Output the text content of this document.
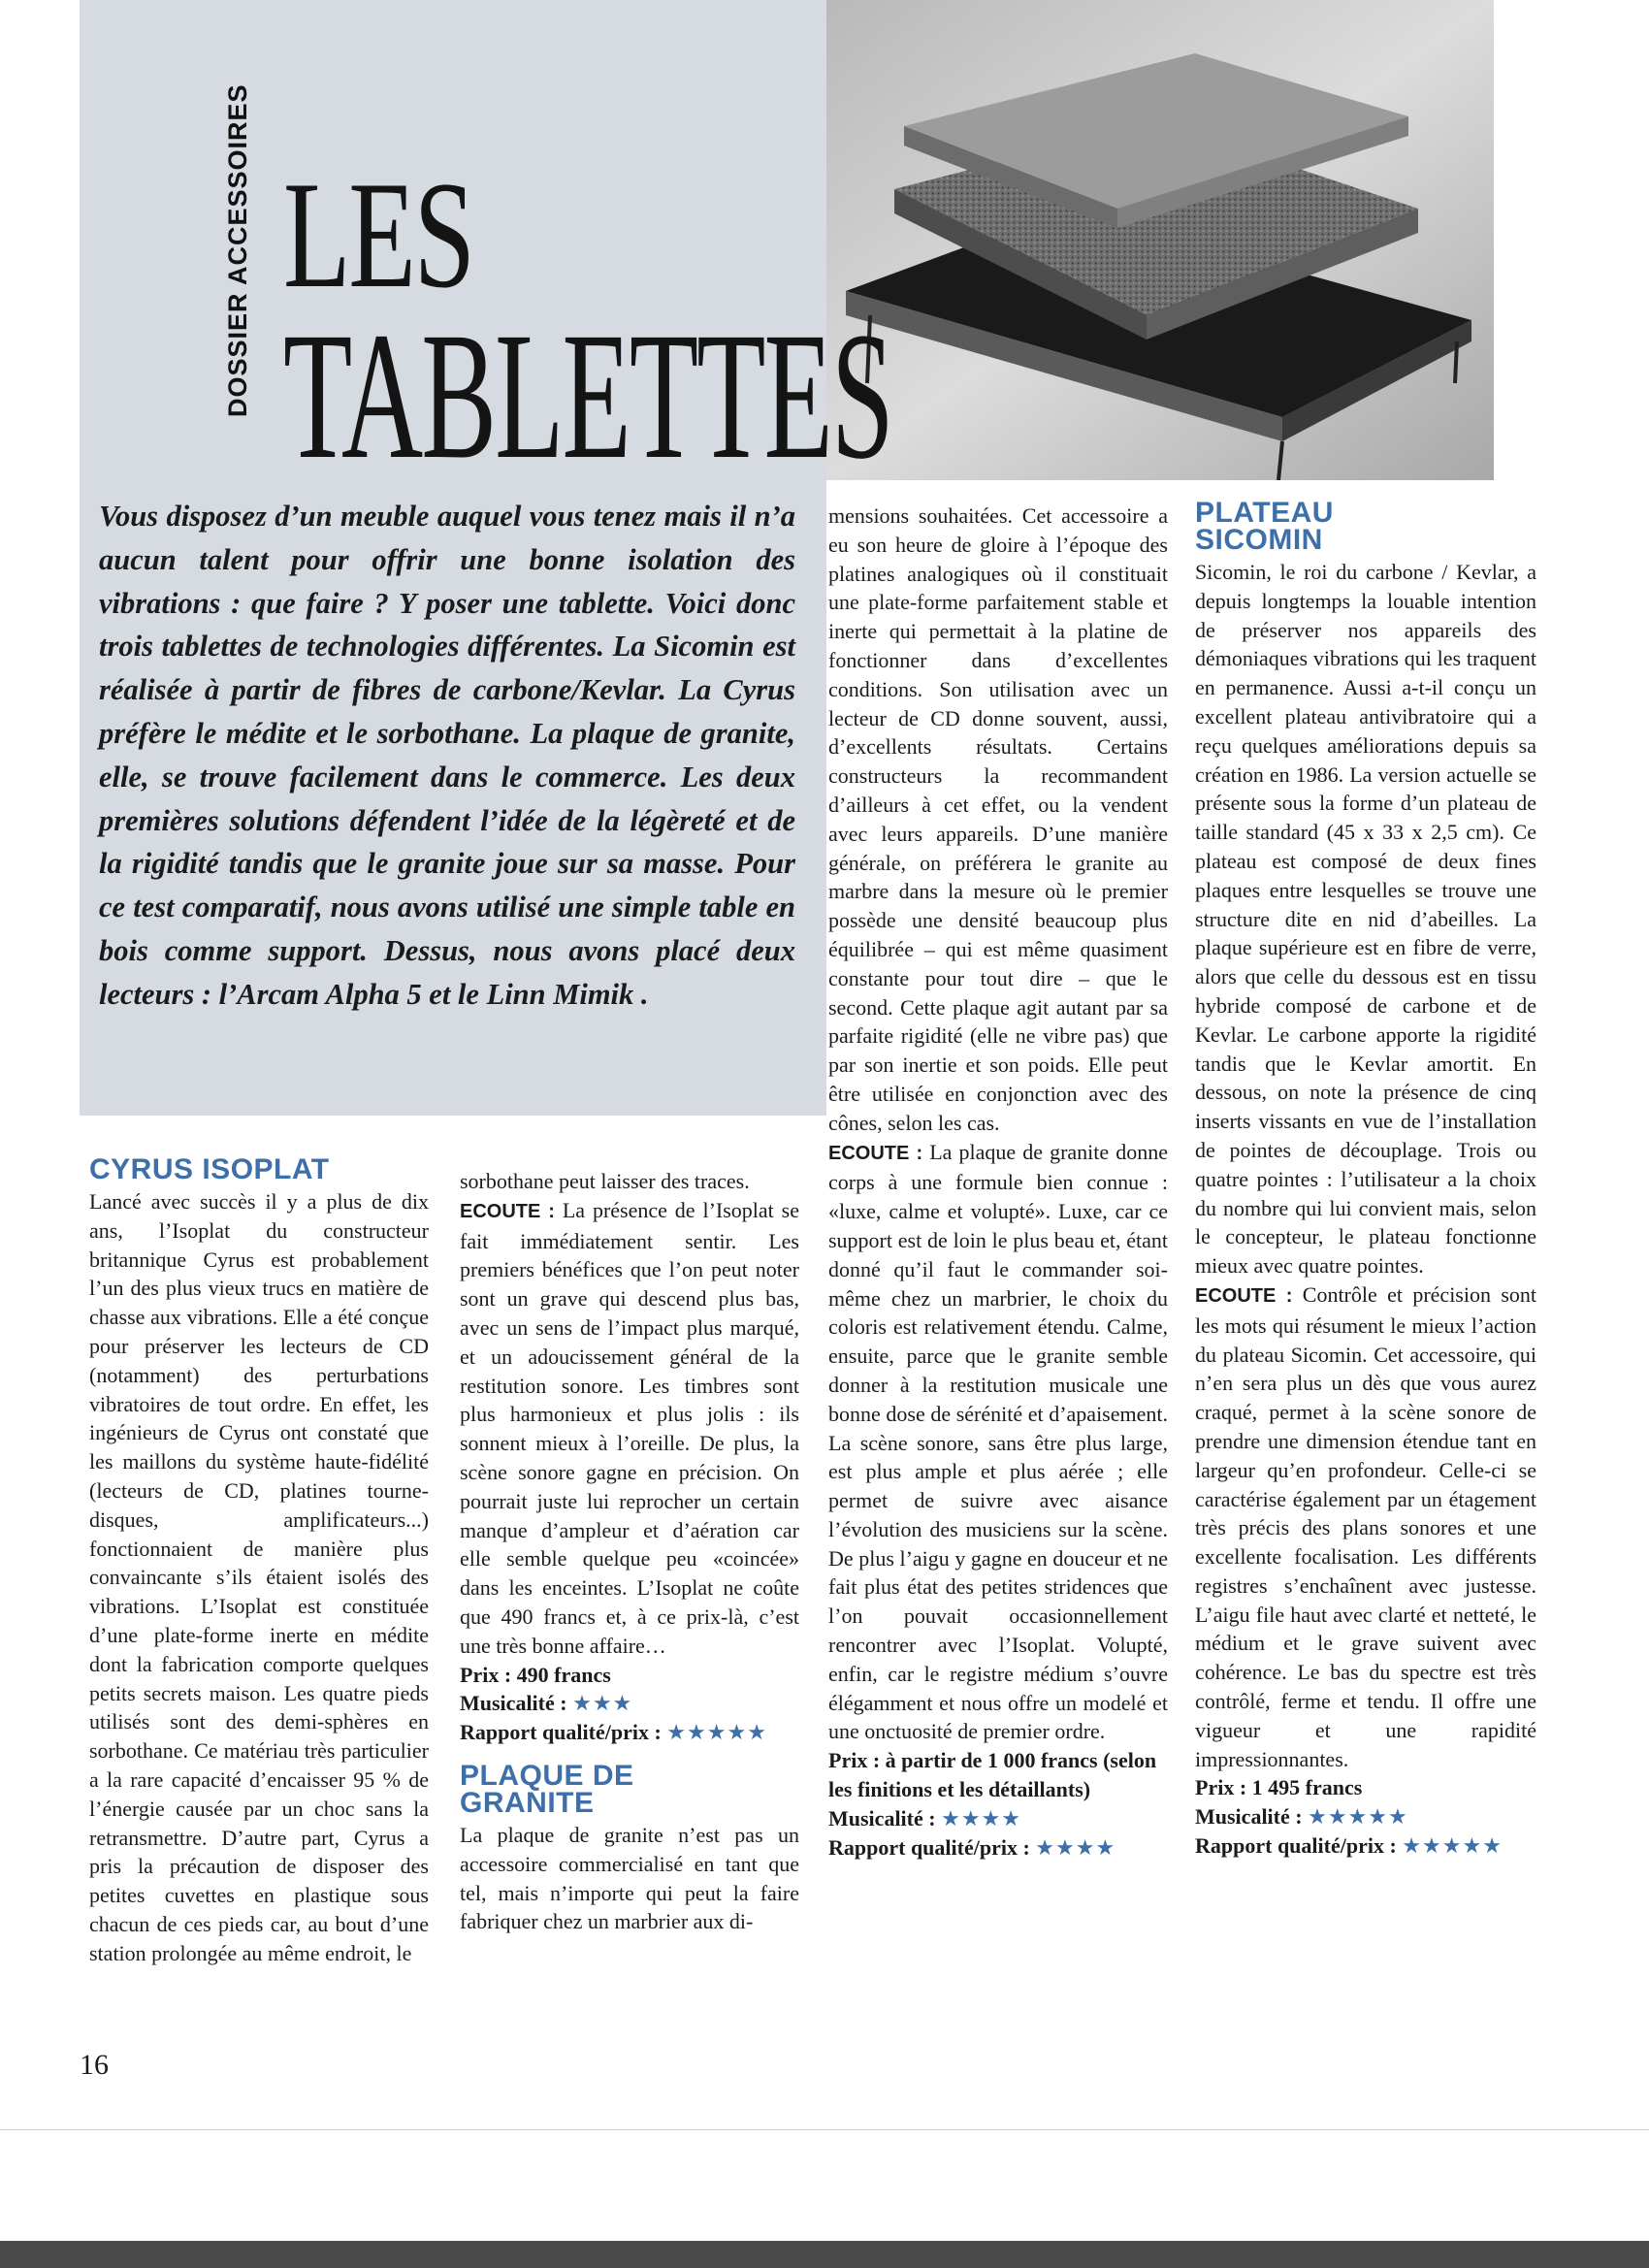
DOSSIER ACCESSOIRES LES
TABLETTES

Vous disposez d’un meuble auquel vous tenez mais il n’a aucun talent pour offrir une bonne isolation des vibrations : que faire ? Y poser une tablette. Voici donc trois tablettes de technologies différentes. La Sicomin est réalisée à partir de fibres de carbone/Kevlar. La Cyrus préfère le médite et le sorbothane. La plaque de granite, elle, se trouve facilement dans le commerce. Les deux premières solutions défendent l’idée de la légèreté et de la rigidité tandis que le granite joue sur sa masse. Pour ce test comparatif, nous avons utilisé une simple table en bois comme support. Dessus, nous avons placé deux lecteurs : l’Arcam Alpha 5 et le Linn Mimik .

CYRUS ISOPLAT

Lancé avec succès il y a plus de dix ans, l’Isoplat du constructeur britannique Cyrus est probablement l’un des plus vieux trucs en matière de chasse aux vibrations. Elle a été conçue pour préserver les lecteurs de CD (notamment) des perturbations vibratoires de tout ordre. En effet, les ingénieurs de Cyrus ont constaté que les maillons du système haute-fidélité (lecteurs de CD, platines tourne-disques, amplificateurs...) fonctionnaient de manière plus convaincante s’ils étaient isolés des vibrations. L’Isoplat est constituée d’une plate-forme inerte en médite dont la fabrication comporte quelques petits secrets maison. Les quatre pieds utilisés sont des demi-sphères en sorbothane. Ce matériau très particulier a la rare capacité d’encaisser 95 % de l’énergie causée par un choc sans la retransmettre. D’autre part, Cyrus a pris la précaution de disposer des petites cuvettes en plastique sous chacun de ces pieds car, au bout d’une station prolongée au même endroit, le

sorbothane peut laisser des traces.

ECOUTE : La présence de l’Isoplat se fait immédiatement sentir. Les premiers bénéfices que l’on peut noter sont un grave qui descend plus bas, avec un sens de l’impact plus marqué, et un adoucissement général de la restitution sonore. Les timbres sont plus harmonieux et plus jolis : ils sonnent mieux à l’oreille. De plus, la scène sonore gagne en précision. On pourrait juste lui reprocher un certain manque d’ampleur et d’aération car elle semble quelque peu «coincée» dans les enceintes. L’Isoplat ne coûte que 490 francs et, à ce prix-là, c’est une très bonne affaire…

Prix : 490 francs
Musicalité : ★★★
Rapport qualité/prix : ★★★★★
PLAQUE DE
GRANITE

La plaque de granite n’est pas un accessoire commercialisé en tant que tel, mais n’importe qui peut la faire fabriquer chez un marbrier aux di-

mensions souhaitées. Cet accessoire a eu son heure de gloire à l’époque des platines analogiques où il constituait une plate-forme parfaitement stable et inerte qui permettait à la platine de fonctionner dans d’excellentes conditions. Son utilisation avec un lecteur de CD donne souvent, aussi, d’excellents résultats. Certains constructeurs la recommandent d’ailleurs à cet effet, ou la vendent avec leurs appareils. D’une manière générale, on préférera le granite au marbre dans la mesure où le premier possède une densité beaucoup plus équilibrée – qui est même quasiment constante pour tout dire – que le second. Cette plaque agit autant par sa parfaite rigidité (elle ne vibre pas) que par son inertie et son poids. Elle peut être utilisée en conjonction avec des cônes, selon les cas.

ECOUTE : La plaque de granite donne corps à une formule bien connue : «luxe, calme et volupté». Luxe, car ce support est de loin le plus beau et, étant donné qu’il faut le commander soi-même chez un marbrier, le choix du coloris est relativement étendu. Calme, ensuite, parce que le granite semble donner à la restitution musicale une bonne dose de sérénité et d’apaisement. La scène sonore, sans être plus large, est plus ample et plus aérée ; elle permet de suivre avec aisance l’évolution des musiciens sur la scène. De plus l’aigu y gagne en douceur et ne fait plus état des petites stridences que l’on pouvait occasionnellement rencontrer avec l’Isoplat. Volupté, enfin, car le registre médium s’ouvre élégamment et nous offre un modelé et une onctuosité de premier ordre.

Prix : à partir de 1 000 francs (selon les finitions et les détaillants)
Musicalité : ★★★★
Rapport qualité/prix : ★★★★
PLATEAU
SICOMIN

Sicomin, le roi du carbone / Kevlar, a depuis longtemps la louable intention de préserver nos appareils des démoniaques vibrations qui les traquent en permanence. Aussi a-t-il conçu un excellent plateau antivibratoire qui a reçu quelques améliorations depuis sa création en 1986. La version actuelle se présente sous la forme d’un plateau de taille standard (45 x 33 x 2,5 cm). Ce plateau est composé de deux fines plaques entre lesquelles se trouve une structure dite en nid d’abeilles. La plaque supérieure est en fibre de verre, alors que celle du dessous est en tissu hybride composé de carbone et de Kevlar. Le carbone apporte la rigidité tandis que le Kevlar amortit. En dessous, on note la présence de cinq inserts vissants en vue de l’installation de pointes de découplage. Trois ou quatre pointes : l’utilisateur a la choix du nombre qui lui convient mais, selon le concepteur, le plateau fonctionne mieux avec quatre pointes.

ECOUTE : Contrôle et précision sont les mots qui résument le mieux l’action du plateau Sicomin. Cet accessoire, qui n’en sera plus un dès que vous aurez craqué, permet à la scène sonore de prendre une dimension étendue tant en largeur qu’en profondeur. Celle-ci se caractérise également par un étagement très précis des plans sonores et une excellente focalisation. Les différents registres s’enchaînent avec justesse. L’aigu file haut avec clarté et netteté, le médium et le grave suivent avec cohérence. Le bas du spectre est très contrôlé, ferme et tendu. Il offre une vigueur et une rapidité impressionnantes.

Prix : 1 495 francs
Musicalité : ★★★★★
Rapport qualité/prix : ★★★★★
16
